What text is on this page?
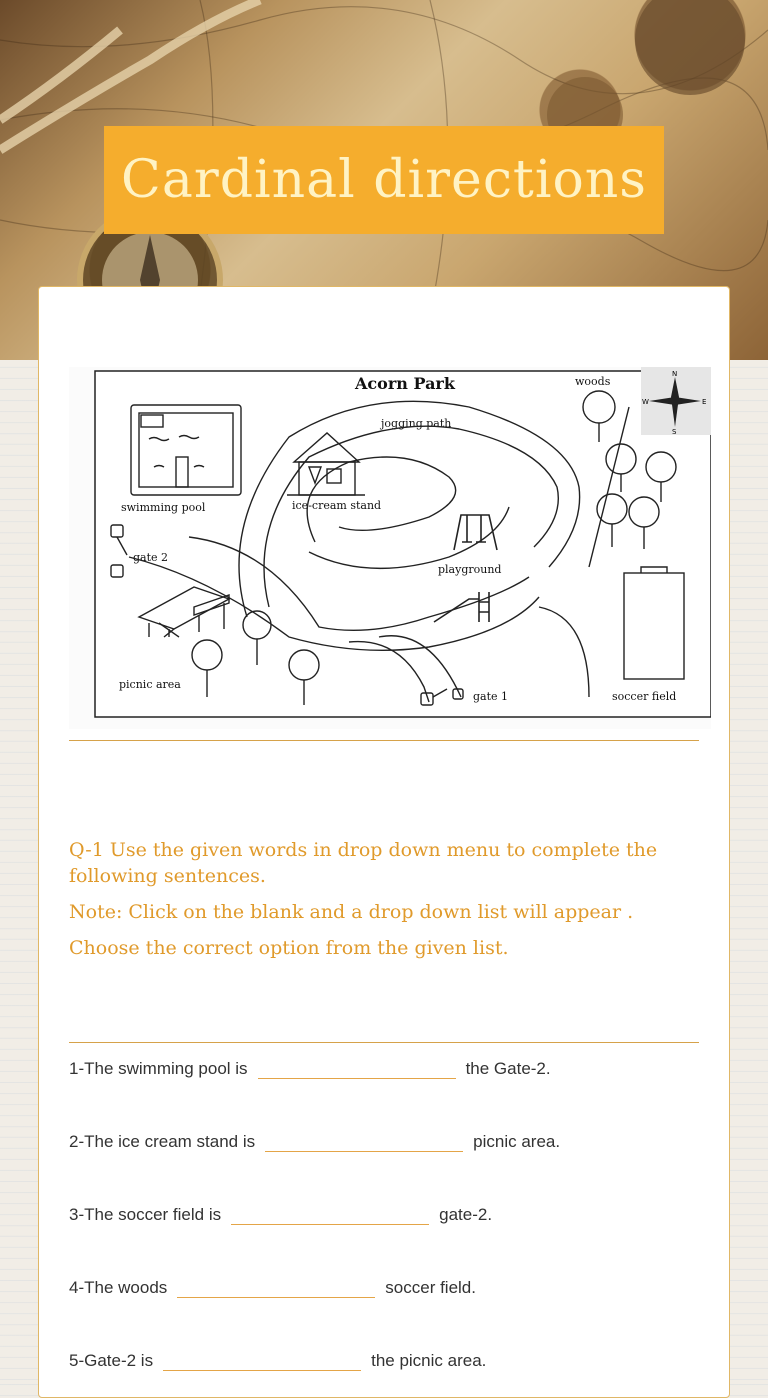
Cardinal directions
Acorn Park	woods
jogging path
swimming pool	ice-cream stand
gate 2
playground
picnic area
gate 1	soccer field
N
S
E
W

Q-1 Use the given words in drop down menu to complete the following sentences.

Note: Click on the blank and a drop down list will appear .

Choose the correct option from the given list.

1-The swimming pool is	the Gate-2.
2-The ice cream stand is	picnic area.
3-The soccer field is	gate-2.
4-The woods	soccer field.
5-Gate-2 is	the picnic area.
